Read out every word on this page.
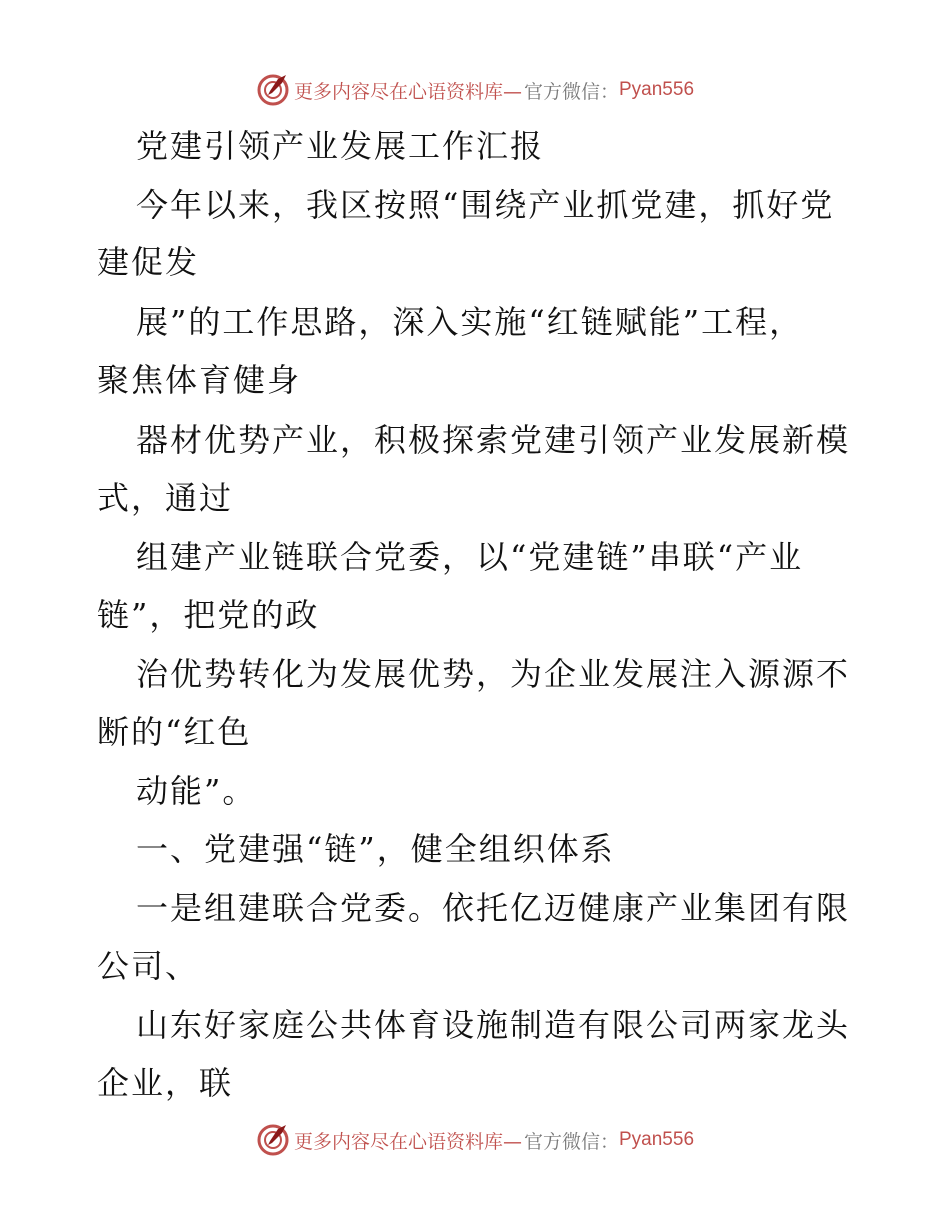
更多内容尽在心语资料库— 官方微信： Pyan556
党建引领产业发展工作汇报
今年以来，我区按照“围绕产业抓党建，抓好党
建促发
展”的工作思路，深入实施“红链赋能”工程，
聚焦体育健身
器材优势产业，积极探索党建引领产业发展新模
式，通过
组建产业链联合党委，以“党建链”串联“产业
链”，把党的政
治优势转化为发展优势，为企业发展注入源源不
断的“红色
动能”。
一、党建强“链”，健全组织体系
一是组建联合党委。依托亿迈健康产业集团有限
公司、
山东好家庭公共体育设施制造有限公司两家龙头
企业，联
更多内容尽在心语资料库— 官方微信： Pyan556
